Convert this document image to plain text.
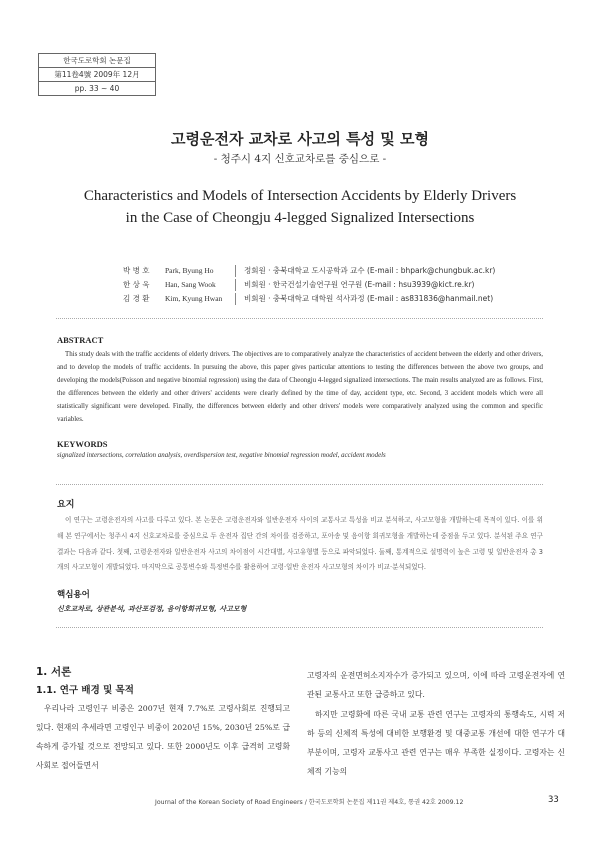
한국도로학회 논문집
第11卷4號 2009年 12月
pp. 33 ~ 40
고령운전자 교차로 사고의 특성 및 모형
- 청주시 4지 신호교차로를 중심으로 -
Characteristics and Models of Intersection Accidents by Elderly Drivers
in the Case of Cheongju 4-legged Signalized Intersections
박 병 호	Park, Byung Ho	정회원 · 충북대학교 도시공학과 교수 (E-mail : bhpark@chungbuk.ac.kr)
한 상 욱	Han, Sang Wook	비회원 · 한국건설기술연구원 연구원 (E-mail : hsu3939@kict.re.kr)
김 경 환	Kim, Kyung Hwan	비회원 · 충북대학교 대학원 석사과정 (E-mail : as831836@hanmail.net)
ABSTRACT
This study deals with the traffic accidents of elderly drivers. The objectives are to comparatively analyze the characteristics of accident between the elderly and other drivers, and to develop the models of traffic accidents. In pursuing the above, this paper gives particular attentions to testing the differences between the above two groups, and developing the models(Poisson and negative binomial regression) using the data of Cheongju 4-legged signalized intersections. The main results analyzed are as follows. First, the differences between the elderly and other drivers' accidents were clearly defined by the time of day, accident type, etc. Second, 3 accident models which were all statistically significant were developed. Finally, the differences between elderly and other drivers' models were comparatively analyzed using the common and specific variables.
KEYWORDS
signalized intersections, correlation analysis, overdispersion test, negative binomial regression model, accident models
요지
이 연구는 고령운전자의 사고를 다루고 있다. 본 논문은 고령운전자와 일반운전자 사이의 교통사고 특성을 비교 분석하고, 사고모형을 개발하는데 목적이 있다. 이를 위해 본 연구에서는 청주시 4지 신호교차로를 중심으로 두 운전자 집단 간의 차이를 검증하고, 포아송 및 음이항 회귀모형을 개발하는데 중점을 두고 있다. 분석된 주요 연구결과는 다음과 같다. 첫째, 고령운전자와 일반운전자 사고의 차이점이 시간대별, 사고유형별 등으로 파악되었다. 둘째, 통계적으로 설명력이 높은 고령 및 일반운전자 총 3개의 사고모형이 개발되었다. 마지막으로 공통변수와 특정변수를 활용하여 고령·일반 운전자 사고모형의 차이가 비교·분석되었다.
핵심용어
신호교차로, 상관분석, 과산포검정, 음이항회귀모형, 사고모형
1. 서론
1.1. 연구 배경 및 목적
우리나라 고령인구 비중은 2007년 현재 7.7%로 고령사회로 진행되고 있다. 현재의 추세라면 고령인구 비중이 2020년 15%, 2030년 25%로 급속하게 증가될 것으로 전망되고 있다. 또한 2000년도 이후 급격히 고령화 사회로 접어들면서

고령자의 운전면허소지자수가 증가되고 있으며, 이에 따라 고령운전자에 연관된 교통사고 또한 급증하고 있다.

하지만 고령화에 따른 국내 교통 관련 연구는 고령자의 통행속도, 시력 저하 등의 신체적 특성에 대비한 보행환경 및 대중교통 개선에 대한 연구가 대부분이며, 고령자 교통사고 관련 연구는 매우 부족한 실정이다. 고령자는 신체적 기능의

Journal of the Korean Society of Road Engineers / 한국도로학회 논문집 제11권 제4호, 통권 42호 2009.12	33
